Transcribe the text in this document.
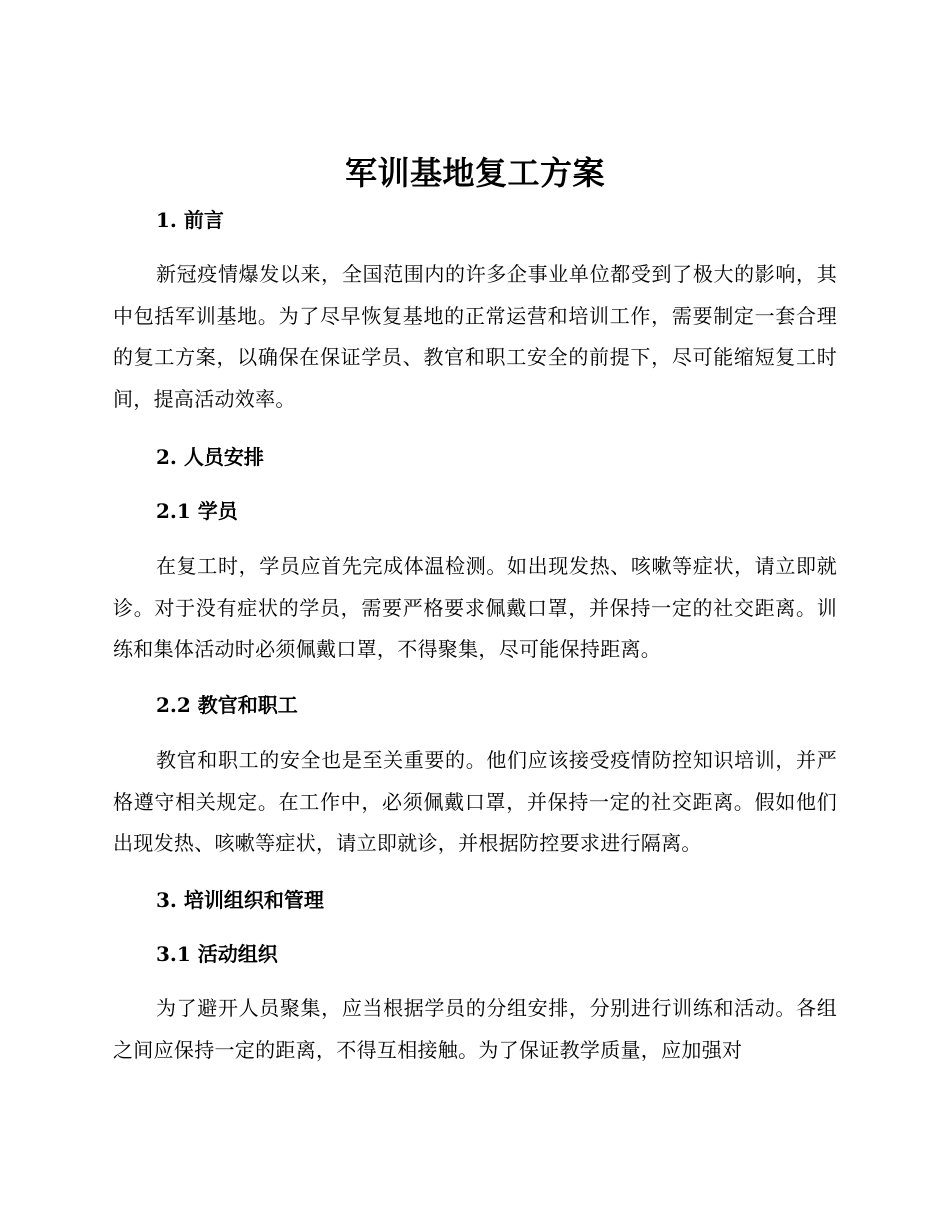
军训基地复工方案
1. 前言

新冠疫情爆发以来，全国范围内的许多企事业单位都受到了极大的影响，其中包括军训基地。为了尽早恢复基地的正常运营和培训工作，需要制定一套合理的复工方案，以确保在保证学员、教官和职工安全的前提下，尽可能缩短复工时间，提高活动效率。

2. 人员安排
2.1 学员

在复工时，学员应首先完成体温检测。如出现发热、咳嗽等症状，请立即就诊。对于没有症状的学员，需要严格要求佩戴口罩，并保持一定的社交距离。训练和集体活动时必须佩戴口罩，不得聚集，尽可能保持距离。

2.2 教官和职工

教官和职工的安全也是至关重要的。他们应该接受疫情防控知识培训，并严格遵守相关规定。在工作中，必须佩戴口罩，并保持一定的社交距离。假如他们出现发热、咳嗽等症状，请立即就诊，并根据防控要求进行隔离。

3. 培训组织和管理
3.1 活动组织

为了避开人员聚集，应当根据学员的分组安排，分别进行训练和活动。各组之间应保持一定的距离，不得互相接触。为了保证教学质量，应加强对
